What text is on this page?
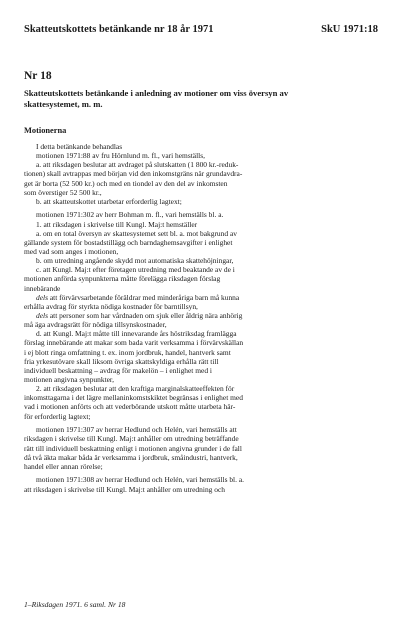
Skatteutskottets betänkande nr 18 år 1971	SkU 1971:18
Nr 18
Skatteutskottets betänkande i anledning av motioner om viss översyn av
skattesystemet, m. m.
Motionerna
I detta betänkande behandlas
motionen 1971:88 av fru Hörnlund m. fl., vari hemställs,
a. att riksdagen beslutar att avdraget på slutskatten (1 800 kr.-reduk-
tionen) skall avtrappas med början vid den inkomstgräns när grundavdra-
get är borta (52 500 kr.) och med en tiondel av den del av inkomsten
som överstiger 52 500 kr.,
b. att skatteutskottet utarbetar erforderlig lagtext;
motionen 1971:302 av herr Bohman m. fl., vari hemställs bl. a.
1. att riksdagen i skrivelse till Kungl. Maj:t hemställer
a. om en total översyn av skattesystemet sett bl. a. mot bakgrund av
gällande system för bostadstillägg och barndaghemsavgifter i enlighet
med vad som anges i motionen,
b. om utredning angående skydd mot automatiska skattehöjningar,
c. att Kungl. Maj:t efter företagen utredning med beaktande av de i
motionen anförda synpunkterna måtte förelägga riksdagen förslag
innebärande
dels att förvärvsarbetande föräldrar med minderåriga barn må kunna
erhålla avdrag för styrkta nödiga kostnader för barntillsyn,
dels att personer som har vårdnaden om sjuk eller åldrig nära anhörig
må äga avdragsrätt för nödiga tillsynskostnader,
d. att Kungl. Maj:t måtte till innevarande års höstriksdag framlägga
förslag innebärande att makar som bada varit verksamma i förvärvskällan
i ej blott ringa omfattning t. ex. inom jordbruk, handel, hantverk samt
fria yrkesutövare skall liksom övriga skattskyldiga erhålla rätt till
individuell beskattning – avdrag för makelön – i enlighet med i
motionen angivna synpunkter,
2. att riksdagen beslutar att den kraftiga marginalskatteeffekten för
inkomsttagarna i det lägre mellaninkomstskiktet begränsas i enlighet med
vad i motionen anförts och att vederbörande utskott måtte utarbeta här-
för erforderlig lagtext;
motionen 1971:307 av herrar Hedlund och Helén, vari hemställs att
riksdagen i skrivelse till Kungl. Maj:t anhåller om utredning beträffande
rätt till individuell beskattning enligt i motionen angivna grunder i de fall
då två äkta makar båda är verksamma i jordbruk, småindustri, hantverk,
handel eller annan rörelse;
motionen 1971:308 av herrar Hedlund och Helén, vari hemställs bl. a.
att riksdagen i skrivelse till Kungl. Maj:t anhåller om utredning och
1–Riksdagen 1971. 6 saml. Nr 18
